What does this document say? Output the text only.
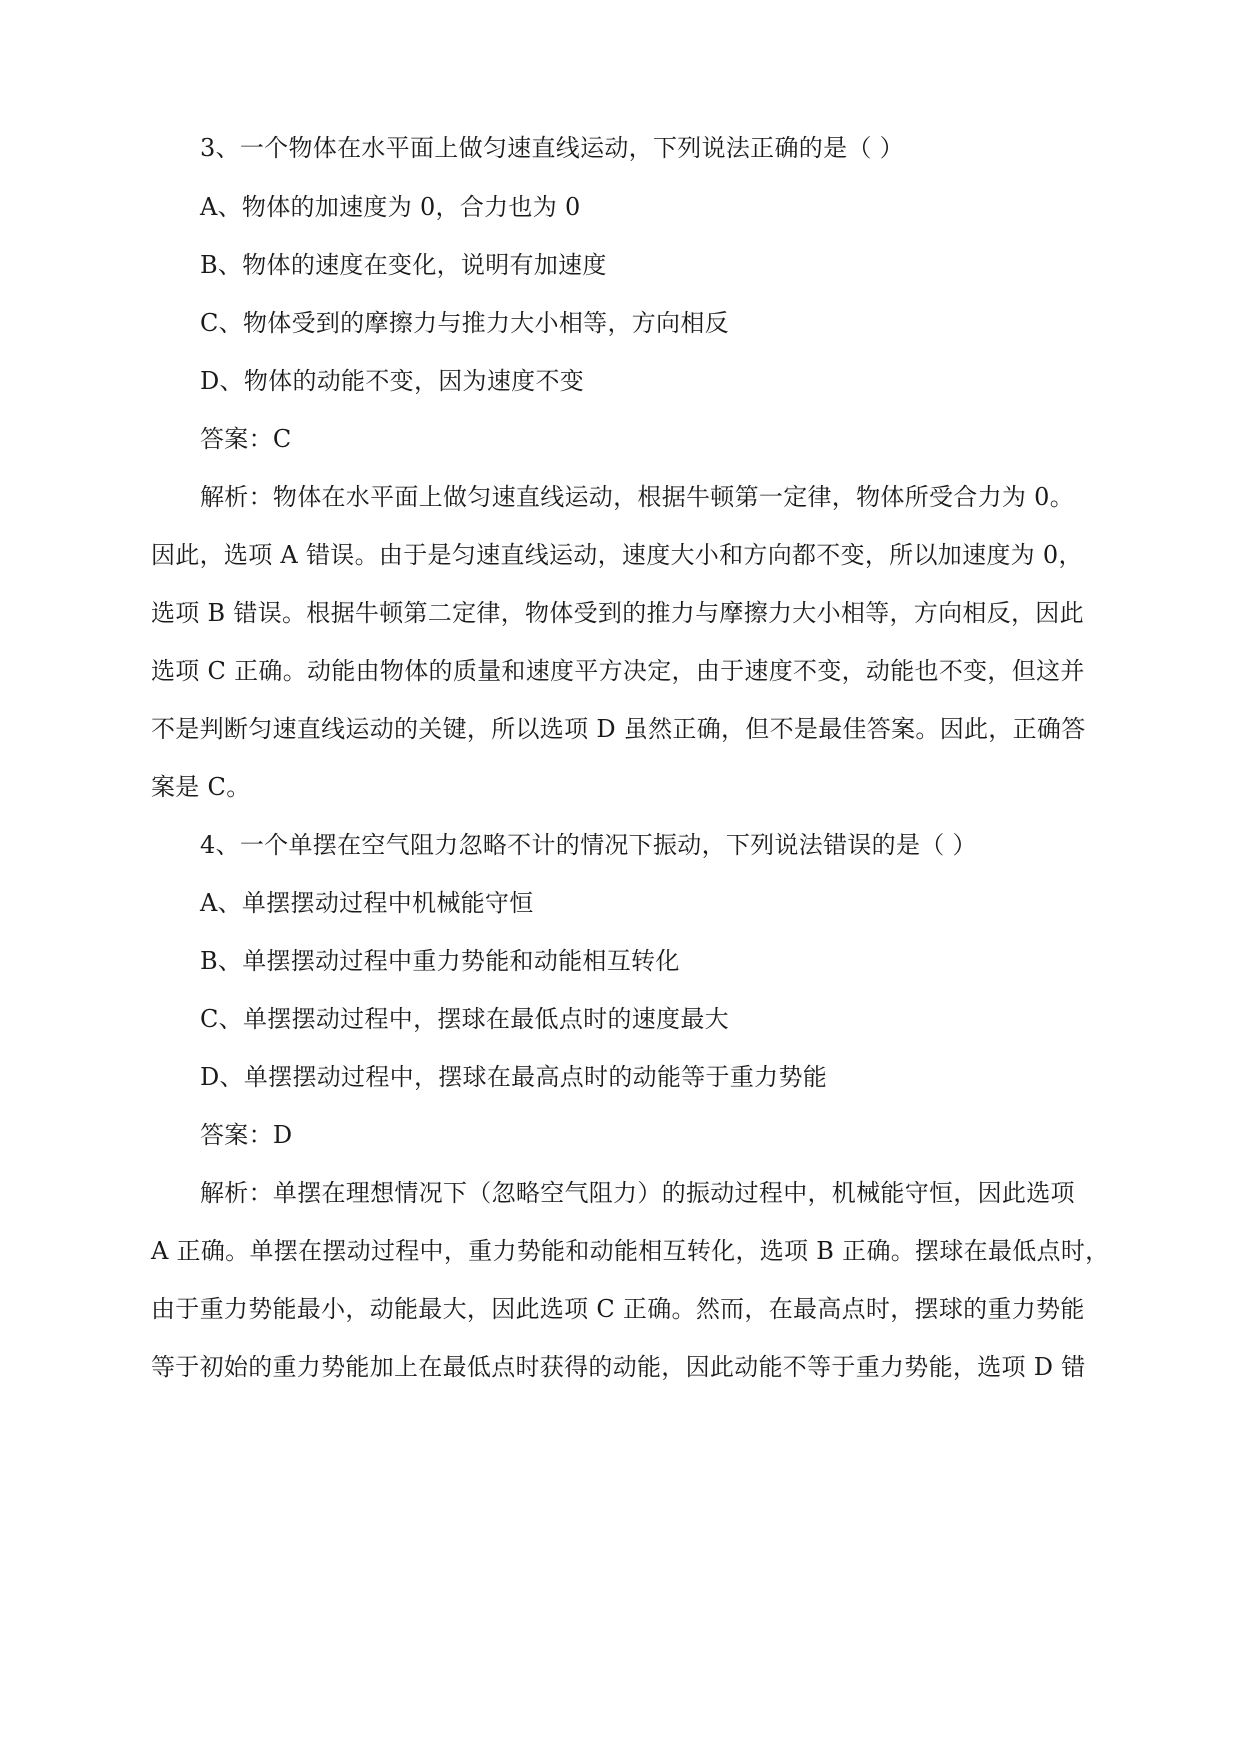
3、一个物体在水平面上做匀速直线运动，下列说法正确的是（ ）

A、物体的加速度为 0，合力也为 0

B、物体的速度在变化，说明有加速度

C、物体受到的摩擦力与推力大小相等，方向相反

D、物体的动能不变，因为速度不变

答案：C

解析：物体在水平面上做匀速直线运动，根据牛顿第一定律，物体所受合力为 0。

因此，选项 A 错误。由于是匀速直线运动，速度大小和方向都不变，所以加速度为 0，

选项 B 错误。根据牛顿第二定律，物体受到的推力与摩擦力大小相等，方向相反，因此

选项 C 正确。动能由物体的质量和速度平方决定，由于速度不变，动能也不变，但这并

不是判断匀速直线运动的关键，所以选项 D 虽然正确，但不是最佳答案。因此，正确答

案是 C。

4、一个单摆在空气阻力忽略不计的情况下振动，下列说法错误的是（ ）

A、单摆摆动过程中机械能守恒

B、单摆摆动过程中重力势能和动能相互转化

C、单摆摆动过程中，摆球在最低点时的速度最大

D、单摆摆动过程中，摆球在最高点时的动能等于重力势能

答案：D

解析：单摆在理想情况下（忽略空气阻力）的振动过程中，机械能守恒，因此选项

A 正确。单摆在摆动过程中，重力势能和动能相互转化，选项 B 正确。摆球在最低点时，

由于重力势能最小，动能最大，因此选项 C 正确。然而，在最高点时，摆球的重力势能

等于初始的重力势能加上在最低点时获得的动能，因此动能不等于重力势能，选项 D 错
